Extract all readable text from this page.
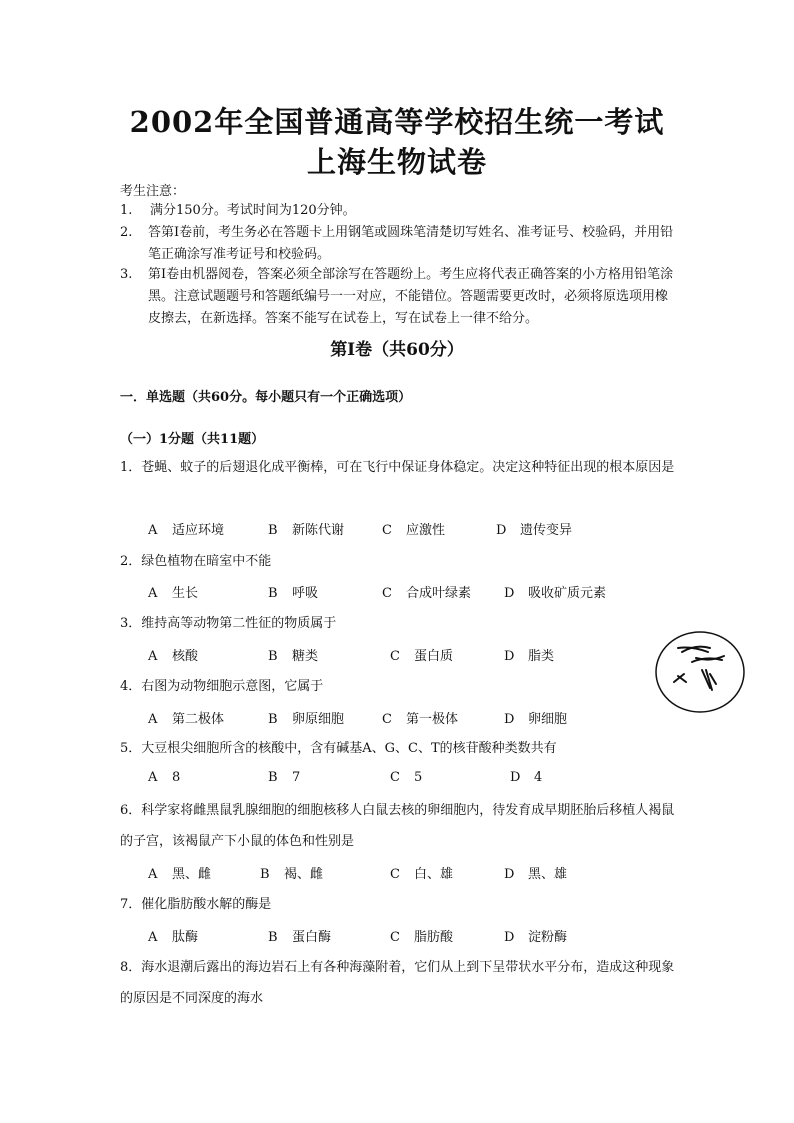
2002年全国普通高等学校招生统一考试
上海生物试卷

考生注意：

1. 满分150分。考试时间为120分钟。
2. 答第Ⅰ卷前，考生务必在答题卡上用钢笔或圆珠笔清楚切写姓名、准考证号、校验码，并用铅笔正确涂写准考证号和校验码。
3. 第Ⅰ卷由机器阅卷，答案必须全部涂写在答题纷上。考生应将代表正确答案的小方格用铅笔涂黑。注意试题题号和答题纸编号一一对应，不能错位。答题需要更改时，必须将原选项用橡皮擦去，在新选择。答案不能写在试卷上，写在试卷上一律不给分。
第Ⅰ卷（共60分）

一．单选题（共60分。每小题只有一个正确选项）

（一）1分题（共11题）

1．苍蝇、蚊子的后翅退化成平衡棒，可在飞行中保证身体稳定。决定这种特征出现的根本原因是

A 适应环境	B 新陈代谢	C 应激性	D 遗传变异

2．绿色植物在暗室中不能

A 生长	B 呼吸	C 合成叶绿素	D 吸收矿质元素

3．维持高等动物第二性征的物质属于

A 核酸	B 糖类	C 蛋白质	D 脂类

4．右图为动物细胞示意图，它属于

A 第二极体	B 卵原细胞	C 第一极体	D 卵细胞

5．大豆根尖细胞所含的核酸中，含有碱基A、G、C、T的核苷酸种类数共有

A 8	B 7	C 5	D 4

6．科学家将雌黑鼠乳腺细胞的细胞核移人白鼠去核的卵细胞内，待发育成早期胚胎后移植人褐鼠的子宫，该褐鼠产下小鼠的体色和性别是

A 黑、雌	B 褐、雌	C 白、雄	D 黑、雄

7．催化脂肪酸水解的酶是

A 肽酶	B 蛋白酶	C 脂肪酸	D 淀粉酶

8．海水退潮后露出的海边岩石上有各种海藻附着，它们从上到下呈带状水平分布，造成这种现象的原因是不同深度的海水
